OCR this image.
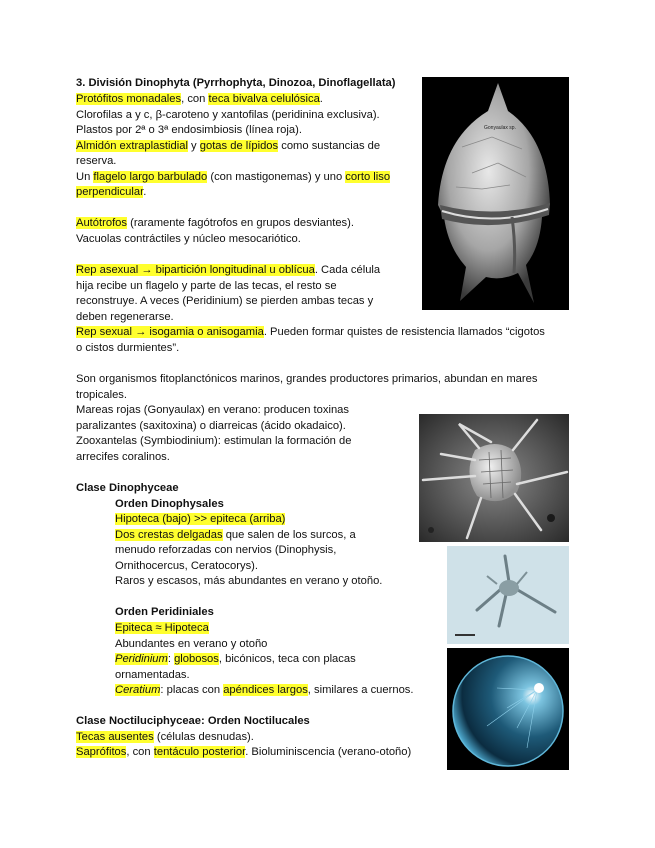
3. División Dinophyta (Pyrrhophyta, Dinozoa, Dinoflagellata)
Protófitos monadales, con teca bivalva celulósica.
Clorofilas a y c, β-caroteno y xantofilas (peridinina exclusiva).
Plastos por 2ª o 3ª endosimbiosis (línea roja).
Almidón extraplastidial y gotas de lípidos como sustancias de
reserva.
Un flagelo largo barbulado (con mastigonemas) y uno corto liso
perpendicular.
Autótrofos (raramente fagótrofos en grupos desviantes).
Vacuolas contráctiles y núcleo mesocariótico.
Rep asexual → bipartición longitudinal u oblícua. Cada célula
hija recibe un flagelo y parte de las tecas, el resto se
reconstruye. A veces (Peridinium) se pierden ambas tecas y
deben regenerarse.
Rep sexual → isogamia o anisogamia. Pueden formar quistes de resistencia llamados “cigotos
o cistos durmientes”.
Son organismos fitoplanctónicos marinos, grandes productores primarios, abundan en mares
tropicales.
Mareas rojas (Gonyaulax) en verano: producen toxinas
paralizantes (saxitoxina) o diarreicas (ácido okadaico).
Zooxantelas (Symbiodinium): estimulan la formación de
arrecifes coralinos.
Clase Dinophyceae
Orden Dinophysales
Hipoteca (bajo) >> epiteca (arriba)
Dos crestas delgadas que salen de los surcos, a
menudo reforzadas con nervios (Dinophysis,
Ornithocercus, Ceratocorys).
Raros y escasos, más abundantes en verano y otoño.
Orden Peridiniales
Epiteca ≈ Hipoteca
Abundantes en verano y otoño
Peridinium: globosos, bicónicos, teca con placas
ornamentadas.
Ceratium: placas con apéndices largos, similares a cuernos.
Clase Noctiluciphyceae: Orden Noctilucales
Tecas ausentes (células desnudas).
Saprófitos, con tentáculo posterior. Bioluminiscencia (verano-otoño)
Gonyaulax sp.
